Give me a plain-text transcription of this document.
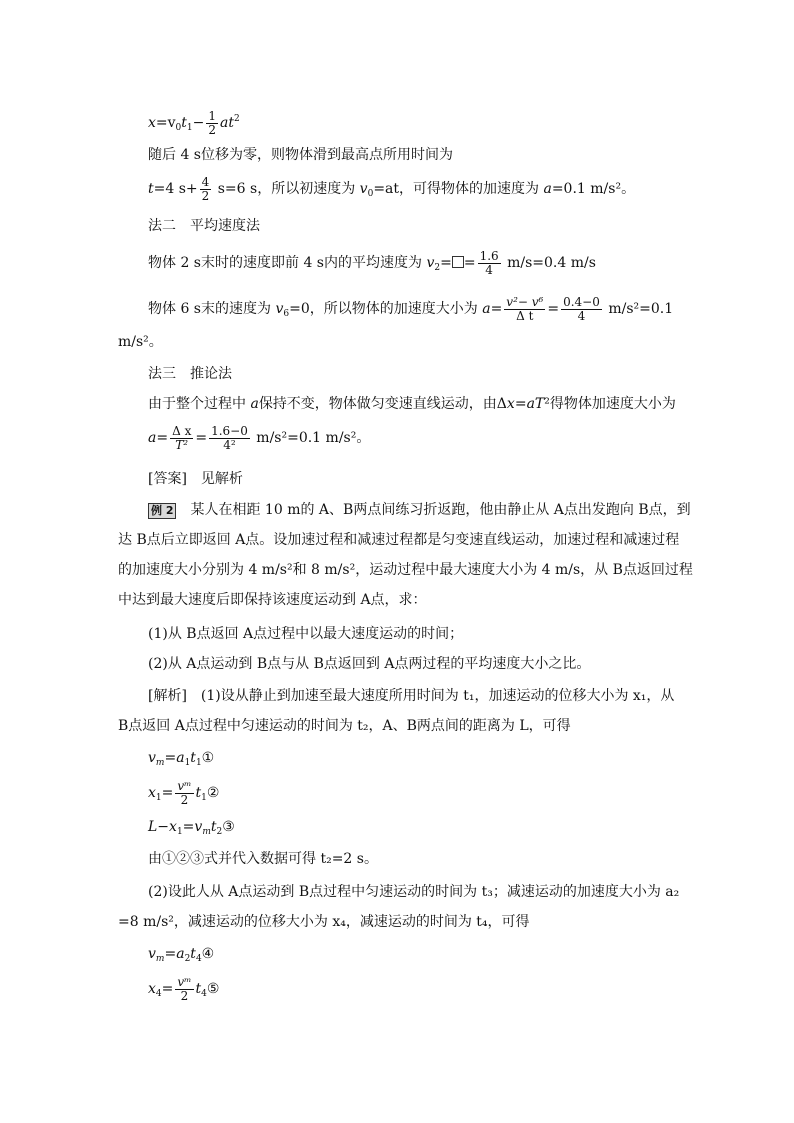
$x=v_0t_1- \frac{1}{2} at^2$
随后 4 s位移为零，则物体滑到最高点所用时间为
t=4 $s+ \frac{4}{2} s=6$ s，所以初速度为 $v_0=at$，可得物体的加速度为 a=0.1 m/s²。
法二　平均速度法
物体 2 s末时的速度即前 4 s内的平均速度为 $v_2= = \frac{1.6}{4} m/s=0.4$ m/s
物体 6 s末的速度为 $v_6=0$，所以物体的加速度大小为 $a= \frac{\text{v²− v⁶}}{\text{Δ t}} = \frac{0.4-0}{4} m/s^2=0.1$
m/s²。
法三　推论法
由于整个过程中 a保持不变，物体做匀变速直线运动，由Δx=aT²得物体加速度大小为
$a= \frac{\text{Δ x}}{\text{T²}} = \frac{1.6-0}{\text{4²}} m/s^2=0.1$ m/s²。
[答案]　见解析
例 2　某人在相距 10 m的 A、B两点间练习折返跑，他由静止从 A点出发跑向 B点，到
达 B点后立即返回 A点。设加速过程和减速过程都是匀变速直线运动，加速过程和减速过程
的加速度大小分别为 4 m/s²和 8 m/s²，运动过程中最大速度大小为 4 m/s，从 B点返回过程
中达到最大速度后即保持该速度运动到 A点，求：
(1)从 B点返回 A点过程中以最大速度运动的时间；
(2)从 A点运动到 B点与从 B点返回到 A点两过程的平均速度大小之比。
[解析]　(1)设从静止到加速至最大速度所用时间为 t₁，加速运动的位移大小为 x₁，从
B点返回 A点过程中匀速运动的时间为 t₂，A、B两点间的距离为 L，可得
$v_m=a_1t_1①$
$x_1= \frac{\text{vᵐ}}{2}$ $t_1②$
$L-x_1=v_mt_2③$
由①②③式并代入数据可得 t₂=2 s。
(2)设此人从 A点运动到 B点过程中匀速运动的时间为 t₃；减速运动的加速度大小为 a₂
=8 m/s²，减速运动的位移大小为 x₄，减速运动的时间为 t₄，可得
$v_m=a_2t_4④$
$x_4= \frac{\text{vᵐ}}{2}$ $t_4⑤$
